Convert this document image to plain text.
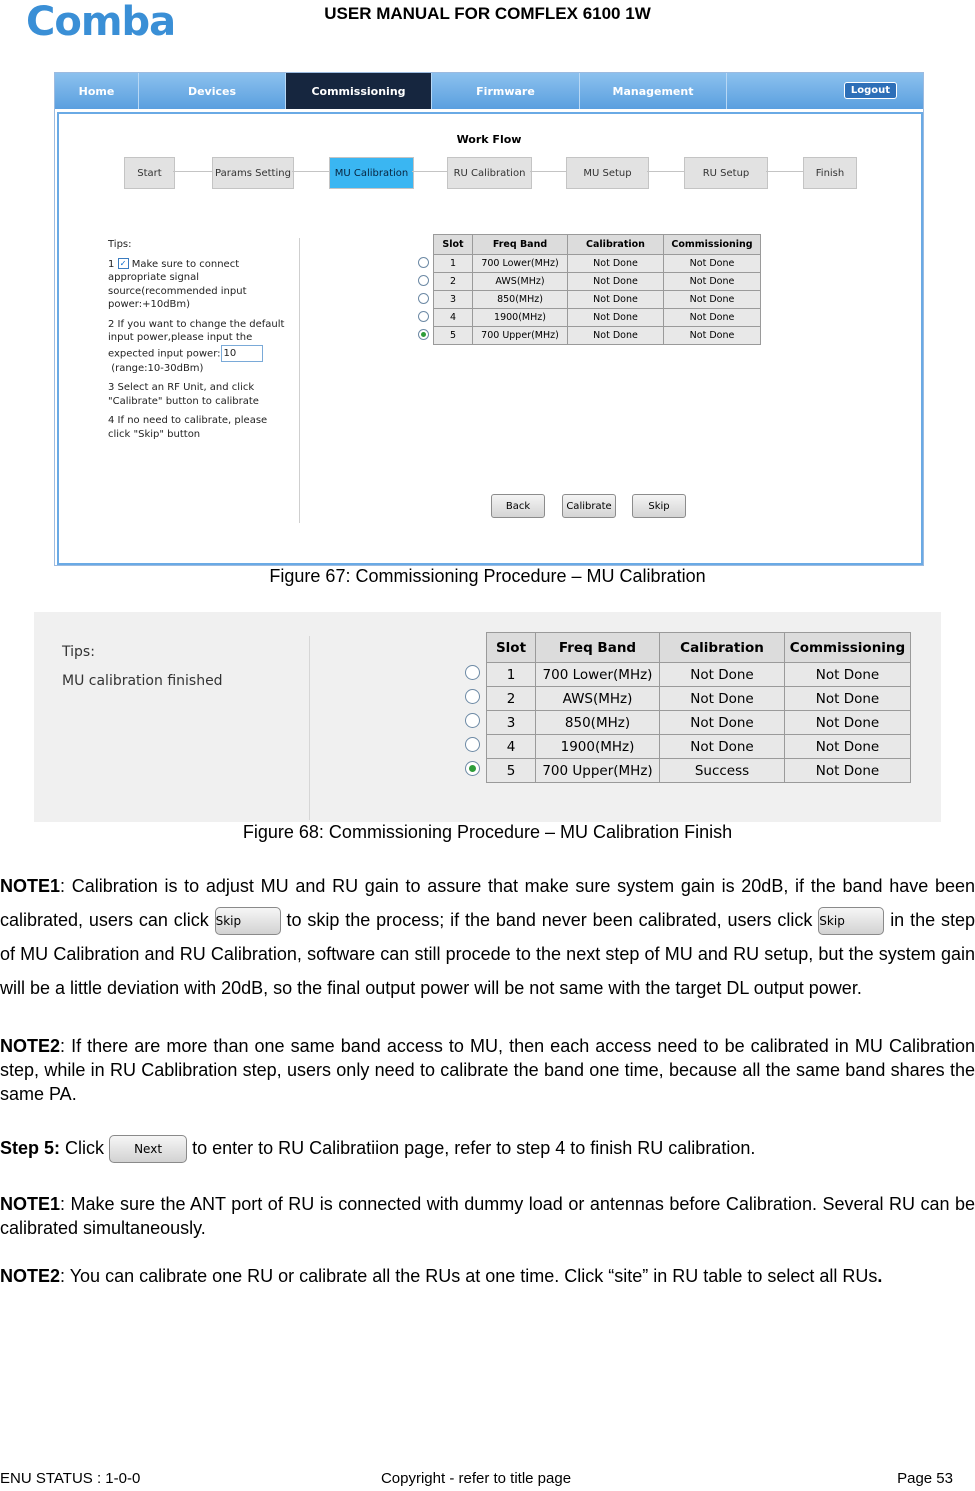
Comba	USER MANUAL FOR COMFLEX 6100 1W
Home	Devices	Commissioning	Firmware	Management	Logout
Work Flow
Start	Params Setting	MU Calibration	RU Calibration	MU Setup	RU Setup	Finish

Tips:

1 ✓ Make sure to connect appropriate signal source(recommended input power:+10dBm)

2 If you want to change the default input power,please input the expected input power: 10
(range:10-30dBm)

3 Select an RF Unit, and click "Calibrate" button to calibrate

4 If no need to calibrate, please click "Skip" button

	Slot	Freq Band	Calibration	Commissioning
	1	700 Lower(MHz)	Not Done	Not Done
	2	AWS(MHz)	Not Done	Not Done
	3	850(MHz)	Not Done	Not Done
	4	1900(MHz)	Not Done	Not Done
	5	700 Upper(MHz)	Not Done	Not Done
Back	Calibrate	Skip
Figure 67: Commissioning Procedure – MU Calibration
Tips:
MU calibration finished
	Slot	Freq Band	Calibration	Commissioning
	1	700 Lower(MHz)	Not Done	Not Done
	2	AWS(MHz)	Not Done	Not Done
	3	850(MHz)	Not Done	Not Done
	4	1900(MHz)	Not Done	Not Done
	5	700 Upper(MHz)	Success	Not Done
Figure 68: Commissioning Procedure – MU Calibration Finish
NOTE1: Calibration is to adjust MU and RU gain to assure that make sure system gain is 20dB, if the band have been calibrated, users can click Skip	to skip the process; if the band never been calibrated, users click Skip	in the step of MU Calibration and RU Calibration, software can still procede to the next step of MU and RU setup, but the system gain will be a little deviation with 20dB, so the final output power will be not same with the target DL output power.
NOTE2: If there are more than one same band access to MU, then each access need to be calibrated in MU Calibration step, while in RU Cablibration step, users only need to calibrate the band one time, because all the same band shares the same PA.
Step 5: Click	Next to enter to RU Calibratiion page, refer to step 4 to finish RU calibration.
NOTE1: Make sure the ANT port of RU is connected with dummy load or antennas before Calibration. Several RU can be calibrated simultaneously.
NOTE2: You can calibrate one RU or calibrate all the RUs at one time. Click “site” in RU table to select all RUs.
ENU STATUS : 1-0-0	Copyright - refer to title page	Page 53
